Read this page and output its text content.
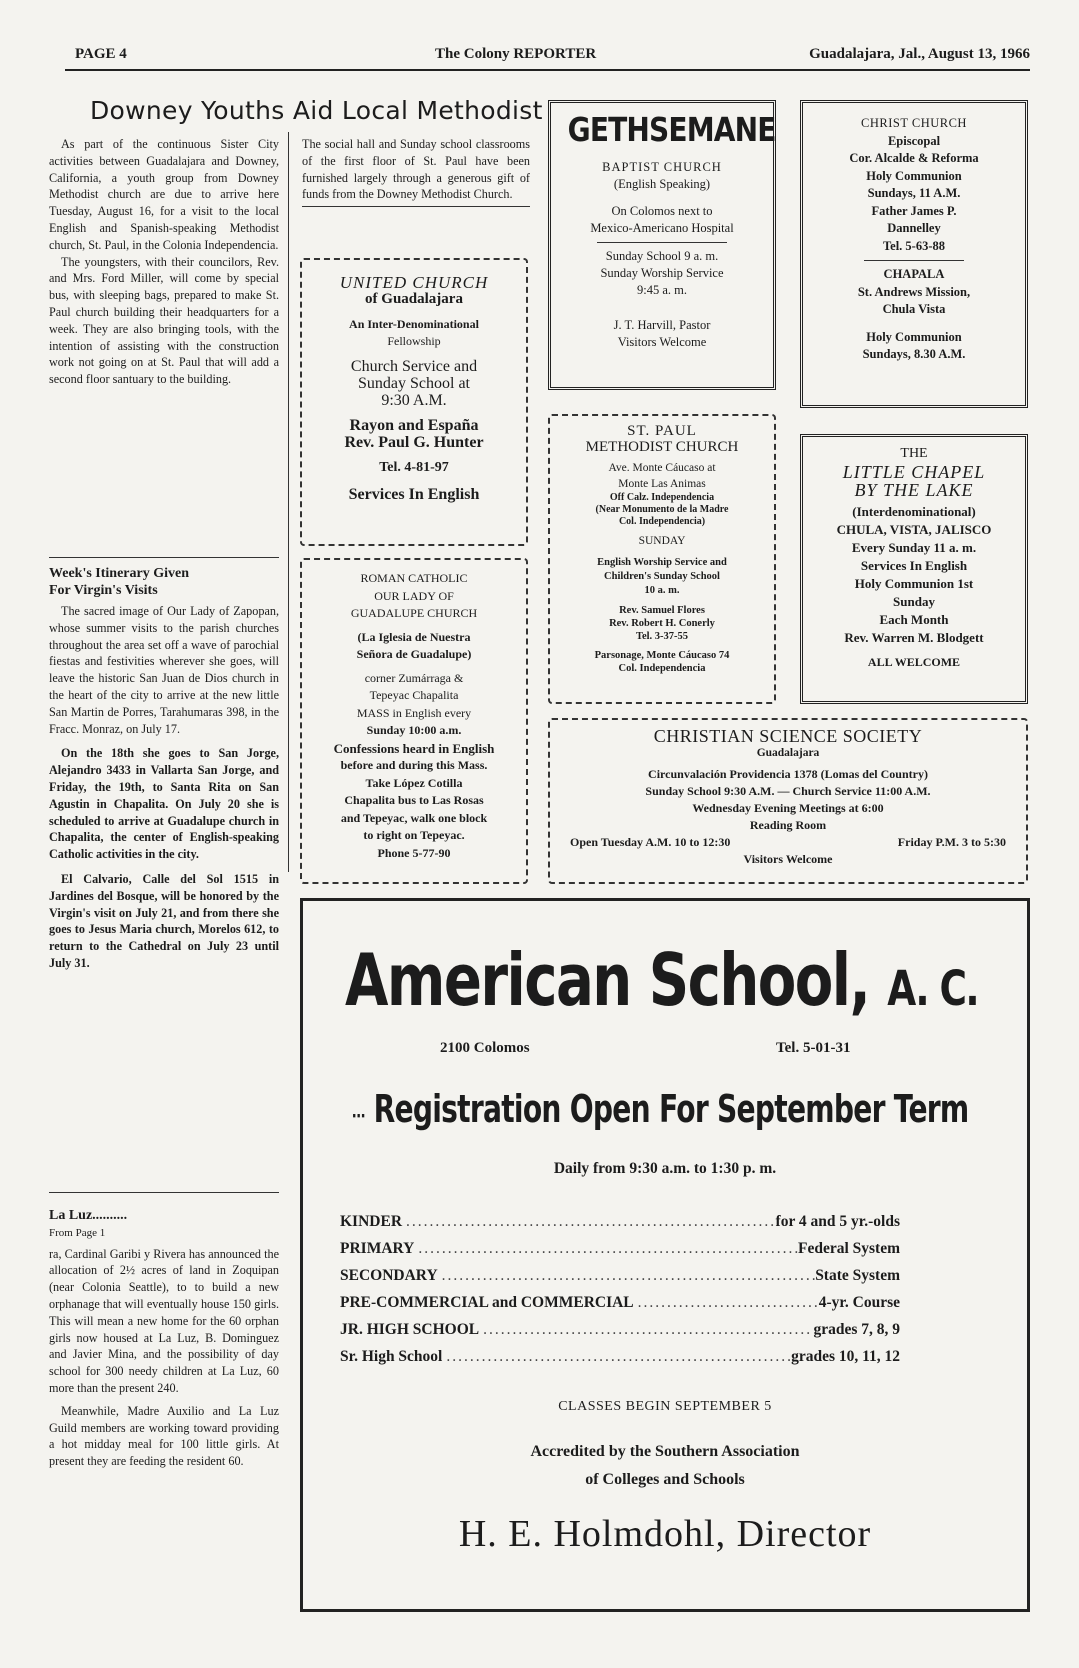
PAGE 4	The Colony REPORTER	Guadalajara, Jal., August 13, 1966
Downey Youths Aid Local Methodist

As part of the continuous Sister City activities between Guadalajara and Downey, California, a youth group from Downey Methodist church are due to arrive here Tuesday, August 16, for a visit to the local English and Spanish-speaking Methodist church, St. Paul, in the Colonia Independencia.

The youngsters, with their councilors, Rev. and Mrs. Ford Miller, will come by special bus, with sleeping bags, prepared to make St. Paul church building their headquarters for a week. They are also bringing tools, with the intention of assisting with the construction work not going on at St. Paul that will add a second floor santuary to the building.

The social hall and Sunday school classrooms of the first floor of St. Paul have been furnished largely through a generous gift of funds from the Downey Methodist Church.

Week's Itinerary Given
For Virgin's Visits

The sacred image of Our Lady of Zapopan, whose summer visits to the parish churches throughout the area set off a wave of parochial fiestas and festivities wherever she goes, will leave the historic San Juan de Dios church in the heart of the city to arrive at the new little San Martin de Porres, Tarahumaras 398, in the Fracc. Monraz, on July 17.

On the 18th she goes to San Jorge, Alejandro 3433 in Vallarta San Jorge, and Friday, the 19th, to Santa Rita on San Agustin in Chapalita. On July 20 she is scheduled to arrive at Guadalupe church in Chapalita, the center of English-speaking Catholic activities in the city.

El Calvario, Calle del Sol 1515 in Jardines del Bosque, will be honored by the Virgin's visit on July 21, and from there she goes to Jesus Maria church, Morelos 612, to return to the Cathedral on July 23 until July 31.

La Luz..........
From Page 1

ra, Cardinal Garibi y Rivera has announced the allocation of 2½ acres of land in Zoquipan (near Colonia Seattle), to to build a new orphanage that will eventually house 150 girls. This will mean a new home for the 60 orphan girls now housed at La Luz, B. Dominguez and Javier Mina, and the possibility of day school for 300 needy children at La Luz, 60 more than the present 240.

Meanwhile, Madre Auxilio and La Luz Guild members are working toward providing a hot midday meal for 100 little girls. At present they are feeding the resident 60.

UNITED CHURCH
of Guadalajara
An Inter-Denominational
Fellowship
Church Service and
Sunday School at
9:30 A.M.
Rayon and España
Rev. Paul G. Hunter
Tel. 4-81-97
Services In English
ROMAN CATHOLIC
OUR LADY OF
GUADALUPE CHURCH
(La Iglesia de Nuestra
Señora de Guadalupe)
corner Zumárraga &
Tepeyac Chapalita
MASS in English every
Sunday 10:00 a.m.
Confessions heard in English
before and during this Mass.
Take López Cotilla
Chapalita bus to Las Rosas
and Tepeyac, walk one block
to right on Tepeyac.
Phone 5-77-90
GETHSEMANE
BAPTIST CHURCH
(English Speaking)
On Colomos next to
Mexico-Americano Hospital
Sunday School 9 a. m.
Sunday Worship Service
9:45 a. m.
J. T. Harvill, Pastor
Visitors Welcome
CHRIST CHURCH
Episcopal
Cor. Alcalde & Reforma
Holy Communion
Sundays, 11 A.M.
Father James P.
Dannelley
Tel. 5-63-88
CHAPALA
St. Andrews Mission,
Chula Vista
Holy Communion
Sundays, 8.30 A.M.
ST. PAUL
METHODIST CHURCH
Ave. Monte Cáucaso at
Monte Las Animas
Off Calz. Independencia
(Near Monumento de la Madre
Col. Independencia)
SUNDAY
English Worship Service and
Children's Sunday School
10 a. m.
Rev. Samuel Flores
Rev. Robert H. Conerly
Tel. 3-37-55
Parsonage, Monte Cáucaso 74
Col. Independencia
THE
LITTLE CHAPEL
BY THE LAKE
(Interdenominational)
CHULA, VISTA, JALISCO
Every Sunday 11 a. m.
Services In English
Holy Communion 1st
Sunday
Each Month
Rev. Warren M. Blodgett
ALL WELCOME
CHRISTIAN SCIENCE SOCIETY
Guadalajara
Circunvalación Providencia 1378 (Lomas del Country)
Sunday School 9:30 A.M. — Church Service 11:00 A.M.
Wednesday Evening Meetings at 6:00
Reading Room
Open Tuesday A.M. 10 to 12:30	Friday P.M. 3 to 5:30
Visitors Welcome
American School, A. C.
2100 Colomos	Tel. 5-01-31
⋯ Registration Open For September Term
Daily from 9:30 a.m. to 1:30 p. m.
KINDER .....	for 4 and 5 yr.-olds
PRIMARY .....	Federal System
SECONDARY .....	State System
PRE-COMMERCIAL and COMMERCIAL .....	4-yr. Course
JR. HIGH SCHOOL .....	grades 7, 8, 9
Sr. High School .....	grades 10, 11, 12
CLASSES BEGIN SEPTEMBER 5
Accredited by the Southern Association
of Colleges and Schools
H. E. Holmdohl, Director
